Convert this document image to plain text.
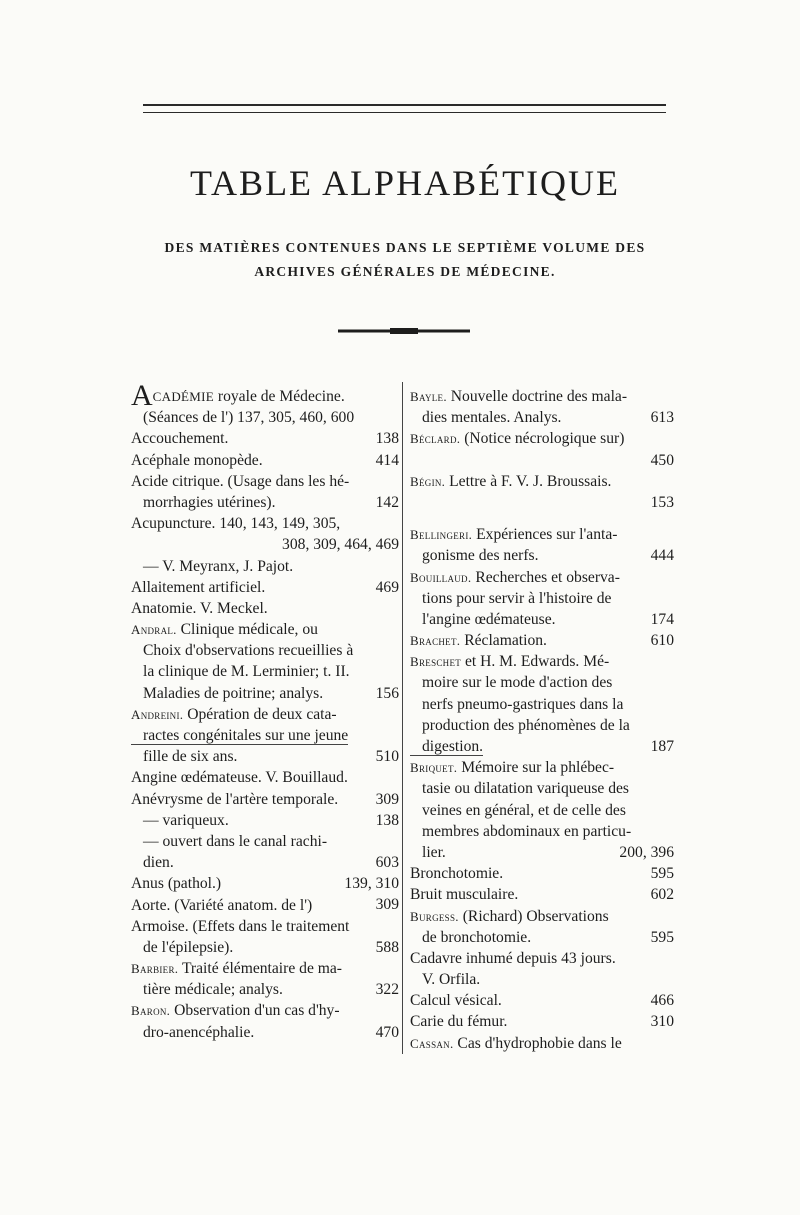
TABLE ALPHABÉTIQUE
DES MATIÈRES CONTENUES DANS LE SEPTIÈME VOLUME DES
ARCHIVES GÉNÉRALES DE MÉDECINE.
ACADÉMIE royale de Médecine.
(Séances de l') 137, 305, 460, 600
Accouchement.	138
Acéphale monopède.	414
Acide citrique. (Usage dans les hé-
morrhagies utérines).	142
Acupuncture. 140, 143, 149, 305,
308, 309, 464, 469
— V. Meyranx, J. Pajot.
Allaitement artificiel.	469
Anatomie. V. Meckel.
Andral. Clinique médicale, ou
Choix d'observations recueillies à
la clinique de M. Lerminier; t. II.
Maladies de poitrine; analys.	156
Andreini. Opération de deux cata-
ractes congénitales sur une jeune
fille de six ans.	510
Angine œdémateuse. V. Bouillaud.
Anévrysme de l'artère temporale. 309
— variqueux.	138
— ouvert dans le canal rachi-
dien.	603
Anus (pathol.)	139, 310
Aorte. (Variété anatom. de l')	309
Armoise. (Effets dans le traitement
de l'épilepsie).	588
Barbier. Traité élémentaire de ma-
tière médicale; analys.	322
Baron. Observation d'un cas d'hy-
dro-anencéphalie.	470
Bayle. Nouvelle doctrine des mala-
dies mentales. Analys.	613
Béclard. (Notice nécrologique sur)
450
Bégin. Lettre à F. V. J. Broussais.
153
Bellingeri. Expériences sur l'anta-
gonisme des nerfs.	444
Bouillaud. Recherches et observa-
tions pour servir à l'histoire de
l'angine œdémateuse.	174
Brachet. Réclamation.	610
Breschet et H. M. Edwards. Mé-
moire sur le mode d'action des
nerfs pneumo-gastriques dans la
production des phénomènes de la
digestion.	187
Briquet. Mémoire sur la phlébec-
tasie ou dilatation variqueuse des
veines en général, et de celle des
membres abdominaux en particu-
lier.	200, 396
Bronchotomie.	595
Bruit musculaire.	602
Burgess. (Richard) Observations
de bronchotomie.	595
Cadavre inhumé depuis 43 jours.
V. Orfila.
Calcul vésical.	466
Carie du fémur.	310
Cassan. Cas d'hydrophobie dans le
